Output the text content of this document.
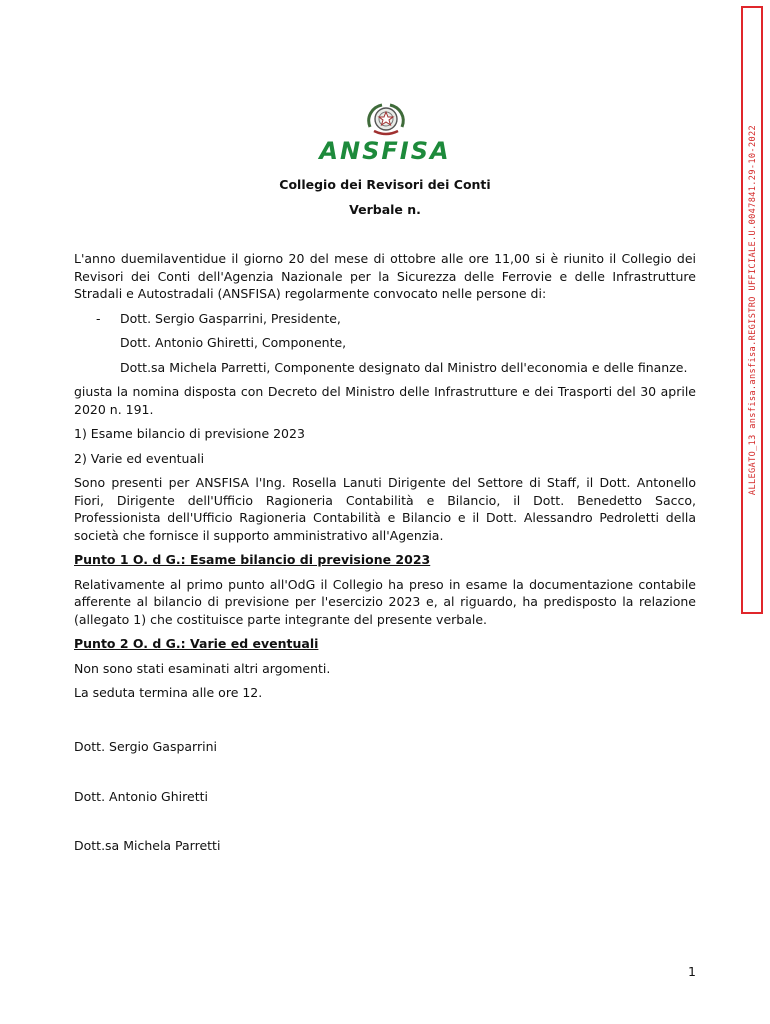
ALLEGATO_13 ansfisa.ansfisa.REGISTRO UFFICIALE.U.0047841.29-10-2022
ANSFISA
Collegio dei Revisori dei Conti
Verbale n.

L'anno duemilaventidue il giorno 20 del mese di ottobre alle ore 11,00 si è riunito il Collegio dei Revisori dei Conti dell'Agenzia Nazionale per la Sicurezza delle Ferrovie e delle Infrastrutture Stradali e Autostradali (ANSFISA) regolarmente convocato nelle persone di:

- Dott. Sergio Gasparrini, Presidente,
Dott. Antonio Ghiretti, Componente,
Dott.sa Michela Parretti, Componente designato dal Ministro dell'economia e delle finanze.

giusta la nomina disposta con Decreto del Ministro delle Infrastrutture e dei Trasporti del 30 aprile 2020 n. 191.

1) Esame bilancio di previsione 2023

2) Varie ed eventuali

Sono presenti per ANSFISA l'Ing. Rosella Lanuti Dirigente del Settore di Staff, il Dott. Antonello Fiori, Dirigente dell'Ufficio Ragioneria Contabilità e Bilancio, il Dott. Benedetto Sacco, Professionista dell'Ufficio Ragioneria Contabilità e Bilancio e il Dott. Alessandro Pedroletti della società che fornisce il supporto amministrativo all'Agenzia.

Punto 1 O. d G.: Esame bilancio di previsione 2023

Relativamente al primo punto all'OdG il Collegio ha preso in esame la documentazione contabile afferente al bilancio di previsione per l'esercizio 2023 e, al riguardo, ha predisposto la relazione (allegato 1) che costituisce parte integrante del presente verbale.

Punto 2 O. d G.: Varie ed eventuali

Non sono stati esaminati altri argomenti.

La seduta termina alle ore 12.

Dott. Sergio Gasparrini

Dott. Antonio Ghiretti

Dott.sa Michela Parretti

1
